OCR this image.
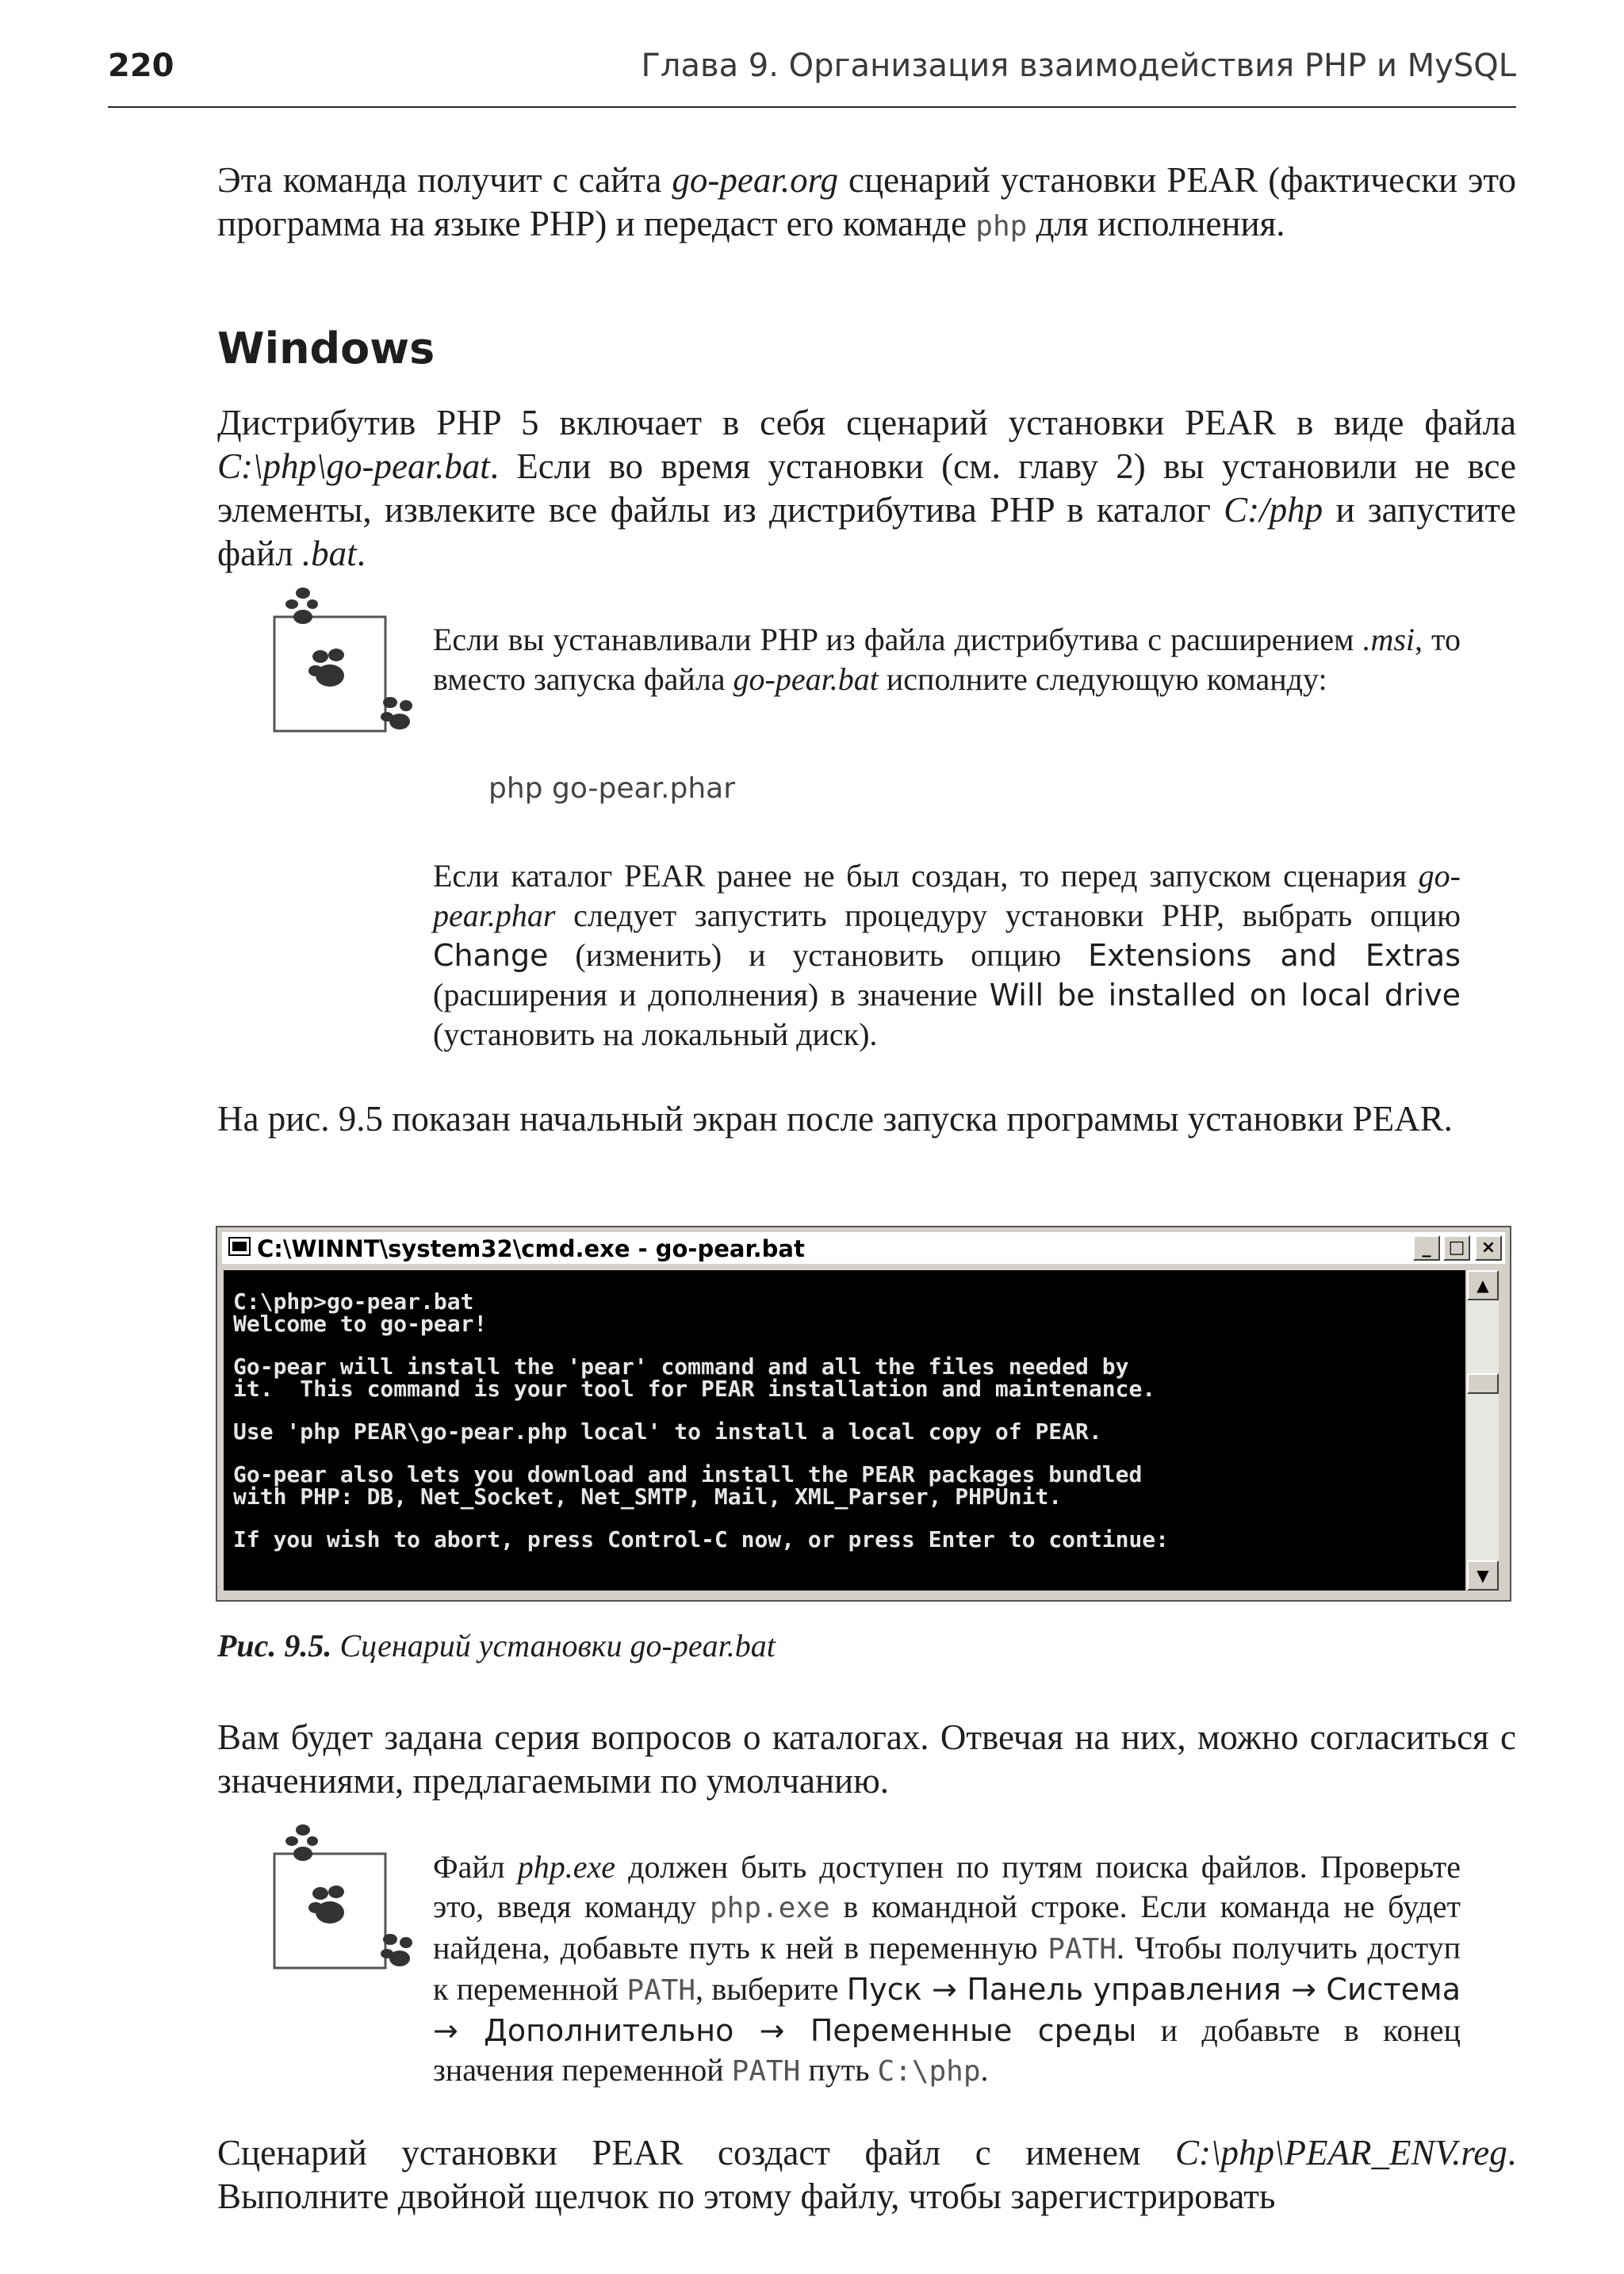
220	Глава 9. Организация взаимодействия PHP и MySQL

Эта команда получит с сайта go-pear.org сценарий установки PEAR (фактически это программа на языке PHP) и передаст его команде php для исполнения.

Windows

Дистрибутив PHP 5 включает в себя сценарий установки PEAR в виде файла C:\php\go-pear.bat. Если во время установки (см. главу 2) вы установили не все элементы, извлеките все файлы из дистрибутива PHP в каталог C:/php и запустите файл .bat.

Если вы устанавливали PHP из файла дистрибутива с расширением .msi, то вместо запуска файла go-pear.bat исполните следующую команду:

php go-pear.phar

Если каталог PEAR ранее не был создан, то перед запуском сценария go-pear.phar следует запустить процедуру установки PHP, выбрать опцию Change (изменить) и установить опцию Extensions and Extras (расширения и дополнения) в значение Will be installed on local drive (установить на локальный диск).

На рис. 9.5 показан начальный экран после запуска программы установки PEAR.

C:\WINNT\system32\cmd.exe - go-pear.bat	_	□ ×
C:\php>go-pear.bat
Welcome to go-pear!
Go-pear will install the 'pear' command and all the files needed by
it.  This command is your tool for PEAR installation and maintenance.
Use 'php PEAR\go-pear.php local' to install a local copy of PEAR.
Go-pear also lets you download and install the PEAR packages bundled
with PHP: DB, Net_Socket, Net_SMTP, Mail, XML_Parser, PHPUnit.
If you wish to abort, press Control-C now, or press Enter to continue:
▲
▼

Рис. 9.5. Сценарий установки go-pear.bat

Вам будет задана серия вопросов о каталогах. Отвечая на них, можно согласиться с значениями, предлагаемыми по умолчанию.

Файл php.exe должен быть доступен по путям поиска файлов. Проверьте это, введя команду php.exe в командной строке. Если команда не будет найдена, добавьте путь к ней в переменную PATH. Чтобы получить доступ к переменной PATH, выберите Пуск → Панель управления → Система → Дополнительно → Переменные среды и добавьте в конец значения переменной PATH путь C:\php.

Сценарий установки PEAR создаст файл с именем C:\php\PEAR_ENV.reg. Выполните двойной щелчок по этому файлу, чтобы зарегистрировать
